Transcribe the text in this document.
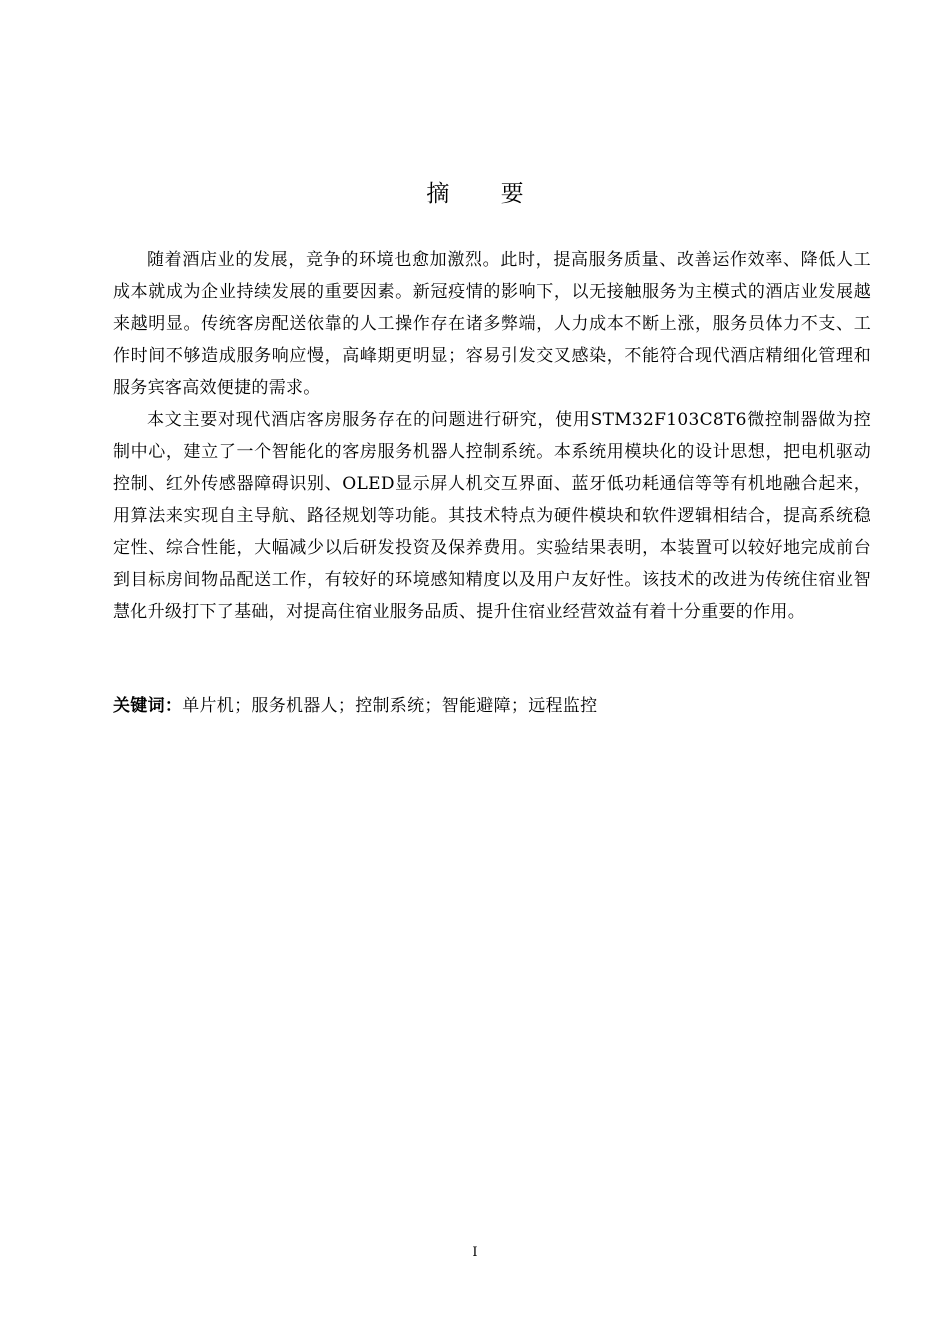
摘 要

随着酒店业的发展，竞争的环境也愈加激烈。此时，提高服务质量、改善运作效率、降低人工成本就成为企业持续发展的重要因素。新冠疫情的影响下，以无接触服务为主模式的酒店业发展越来越明显。传统客房配送依靠的人工操作存在诸多弊端，人力成本不断上涨，服务员体力不支、工作时间不够造成服务响应慢，高峰期更明显；容易引发交叉感染，不能符合现代酒店精细化管理和服务宾客高效便捷的需求。

本文主要对现代酒店客房服务存在的问题进行研究，使用STM32F103C8T6微控制器做为控制中心，建立了一个智能化的客房服务机器人控制系统。本系统用模块化的设计思想，把电机驱动控制、红外传感器障碍识别、OLED显示屏人机交互界面、蓝牙低功耗通信等等有机地融合起来，用算法来实现自主导航、路径规划等功能。其技术特点为硬件模块和软件逻辑相结合，提高系统稳定性、综合性能，大幅减少以后研发投资及保养费用。实验结果表明，本装置可以较好地完成前台到目标房间物品配送工作，有较好的环境感知精度以及用户友好性。该技术的改进为传统住宿业智慧化升级打下了基础，对提高住宿业服务品质、提升住宿业经营效益有着十分重要的作用。

关键词：单片机；服务机器人；控制系统；智能避障；远程监控
I
